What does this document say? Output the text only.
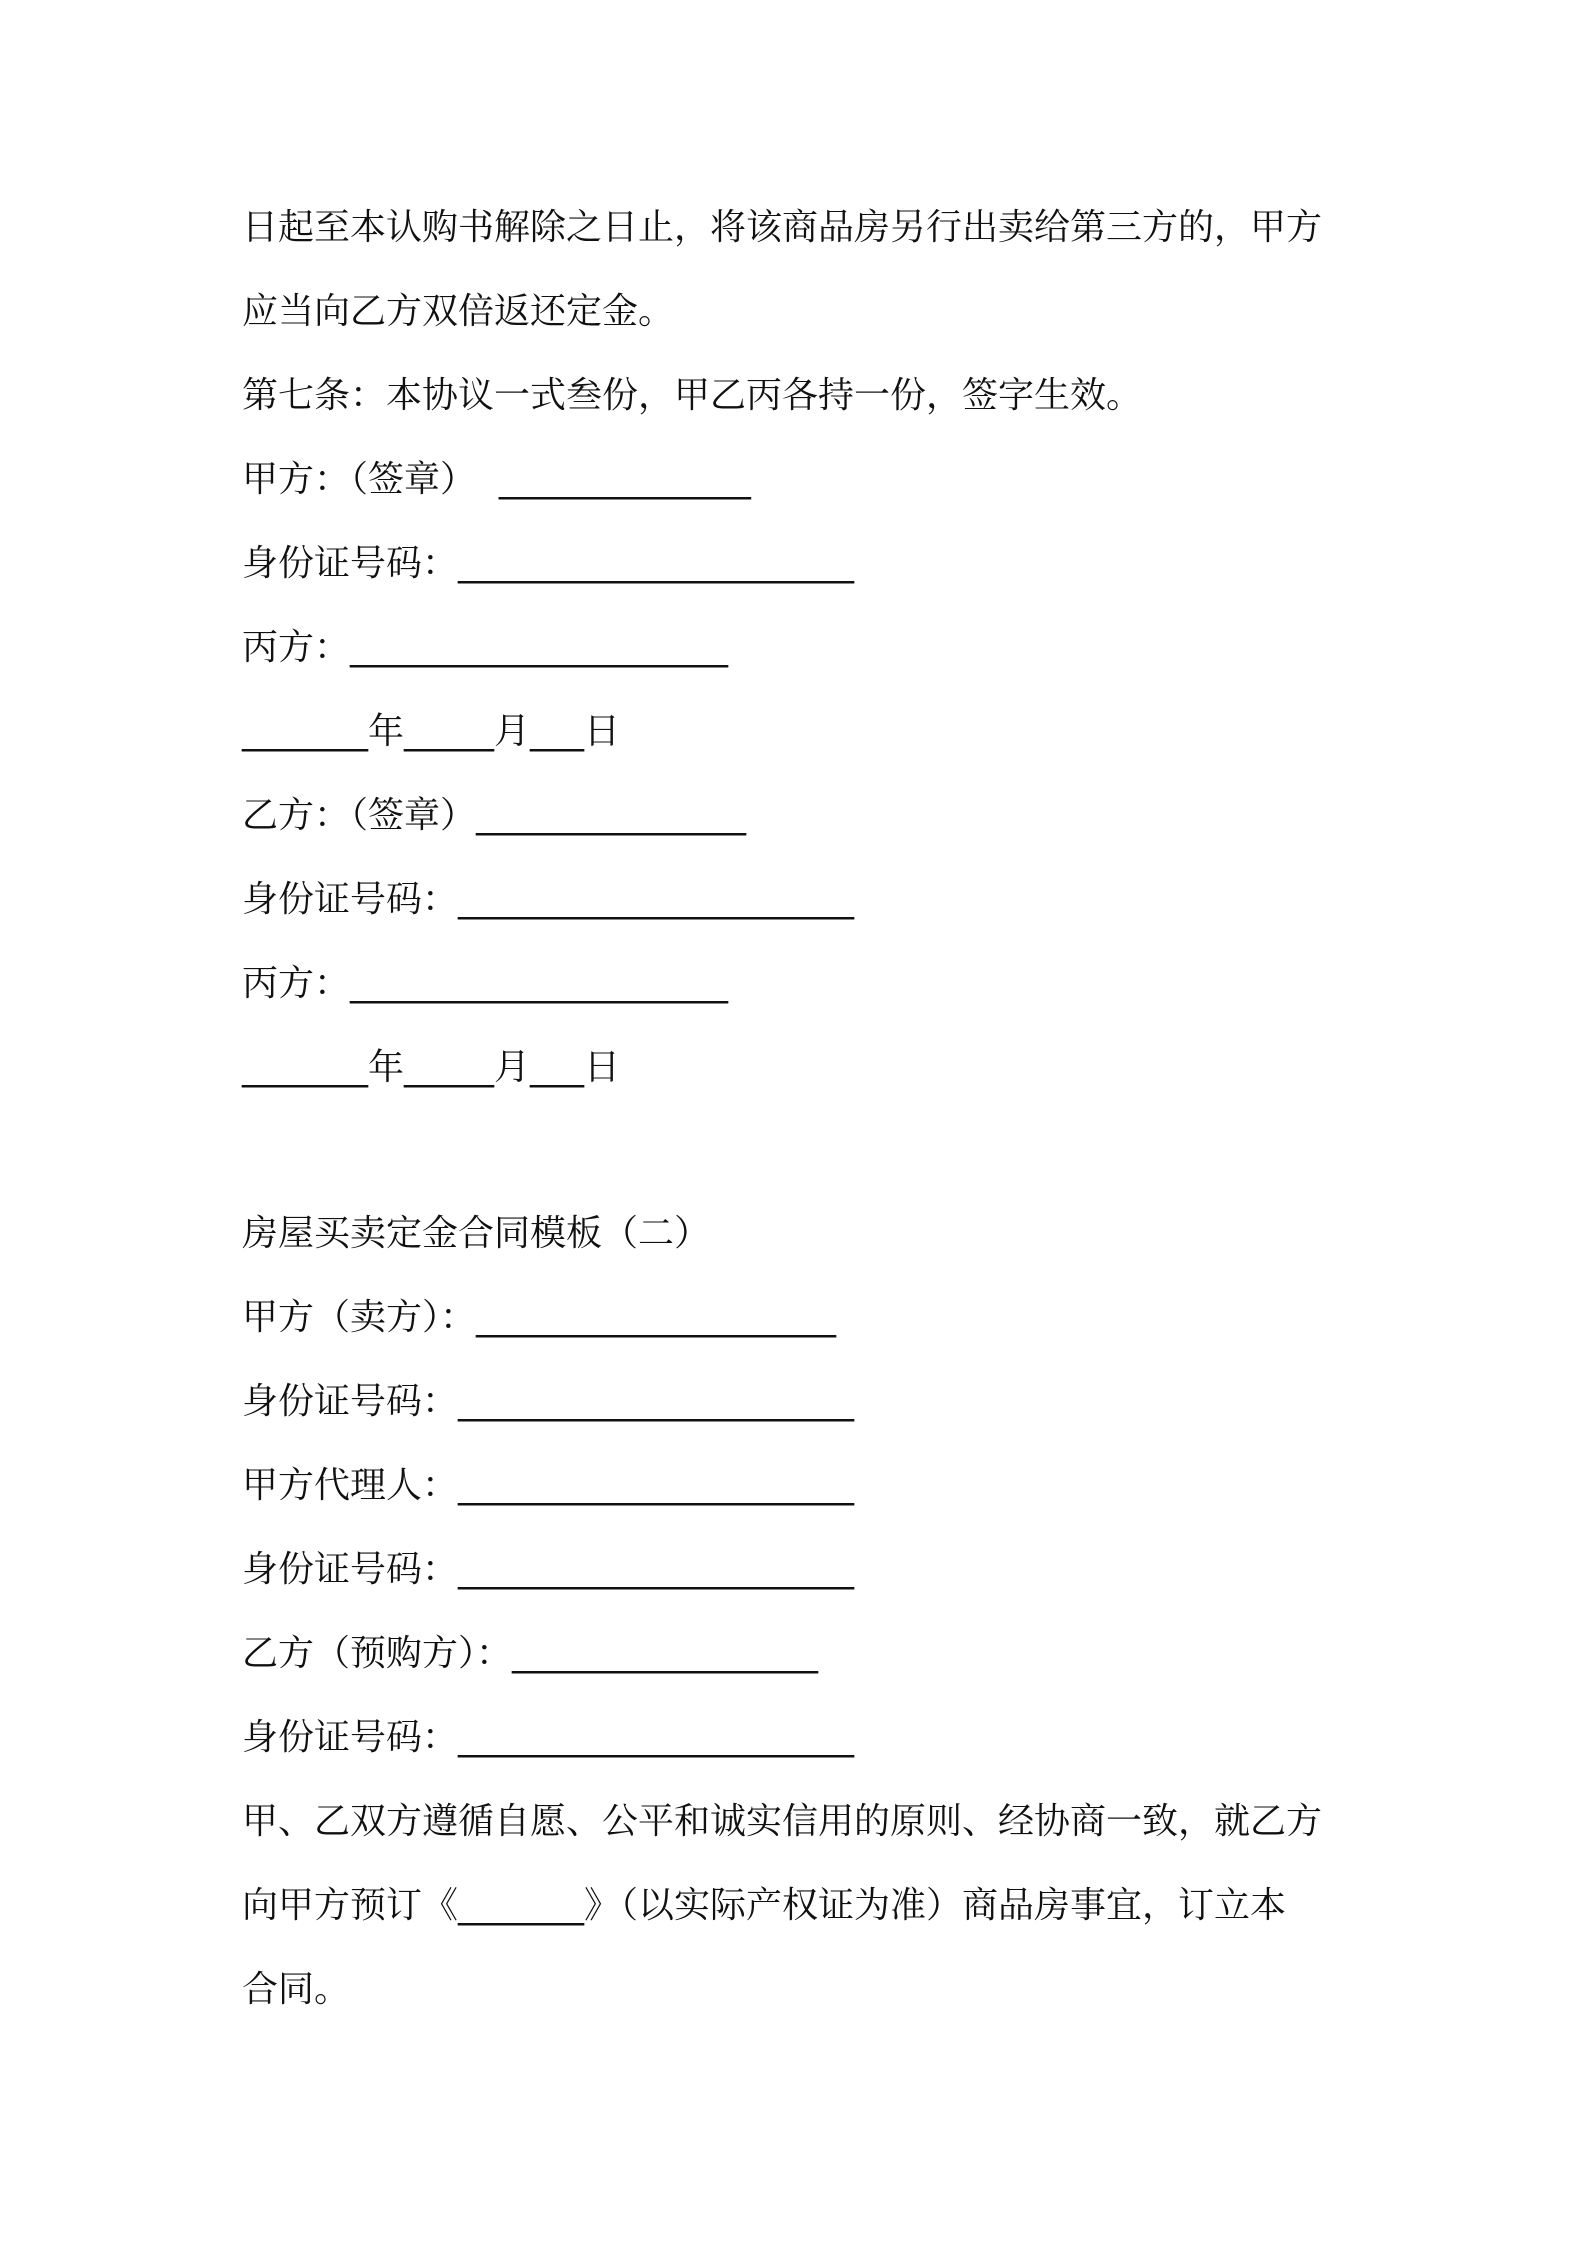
日起至本认购书解除之日止，将该商品房另行出卖给第三方的，甲方
应当向乙方双倍返还定金。
第七条：本协议一式叁份，甲乙丙各持一份，签字生效。
甲方：（签章）  ______________
身份证号码：______________________
丙方：_____________________
_______年_____月___日
乙方：（签章）_______________
身份证号码：______________________
丙方：_____________________
_______年_____月___日
房屋买卖定金合同模板（二）
甲方（卖方）：____________________
身份证号码：______________________
甲方代理人：______________________
身份证号码：______________________
乙方（预购方）：_________________
身份证号码：______________________
甲、乙双方遵循自愿、公平和诚实信用的原则、经协商一致，就乙方
向甲方预订《_______》（以实际产权证为准）商品房事宜，订立本
合同。
